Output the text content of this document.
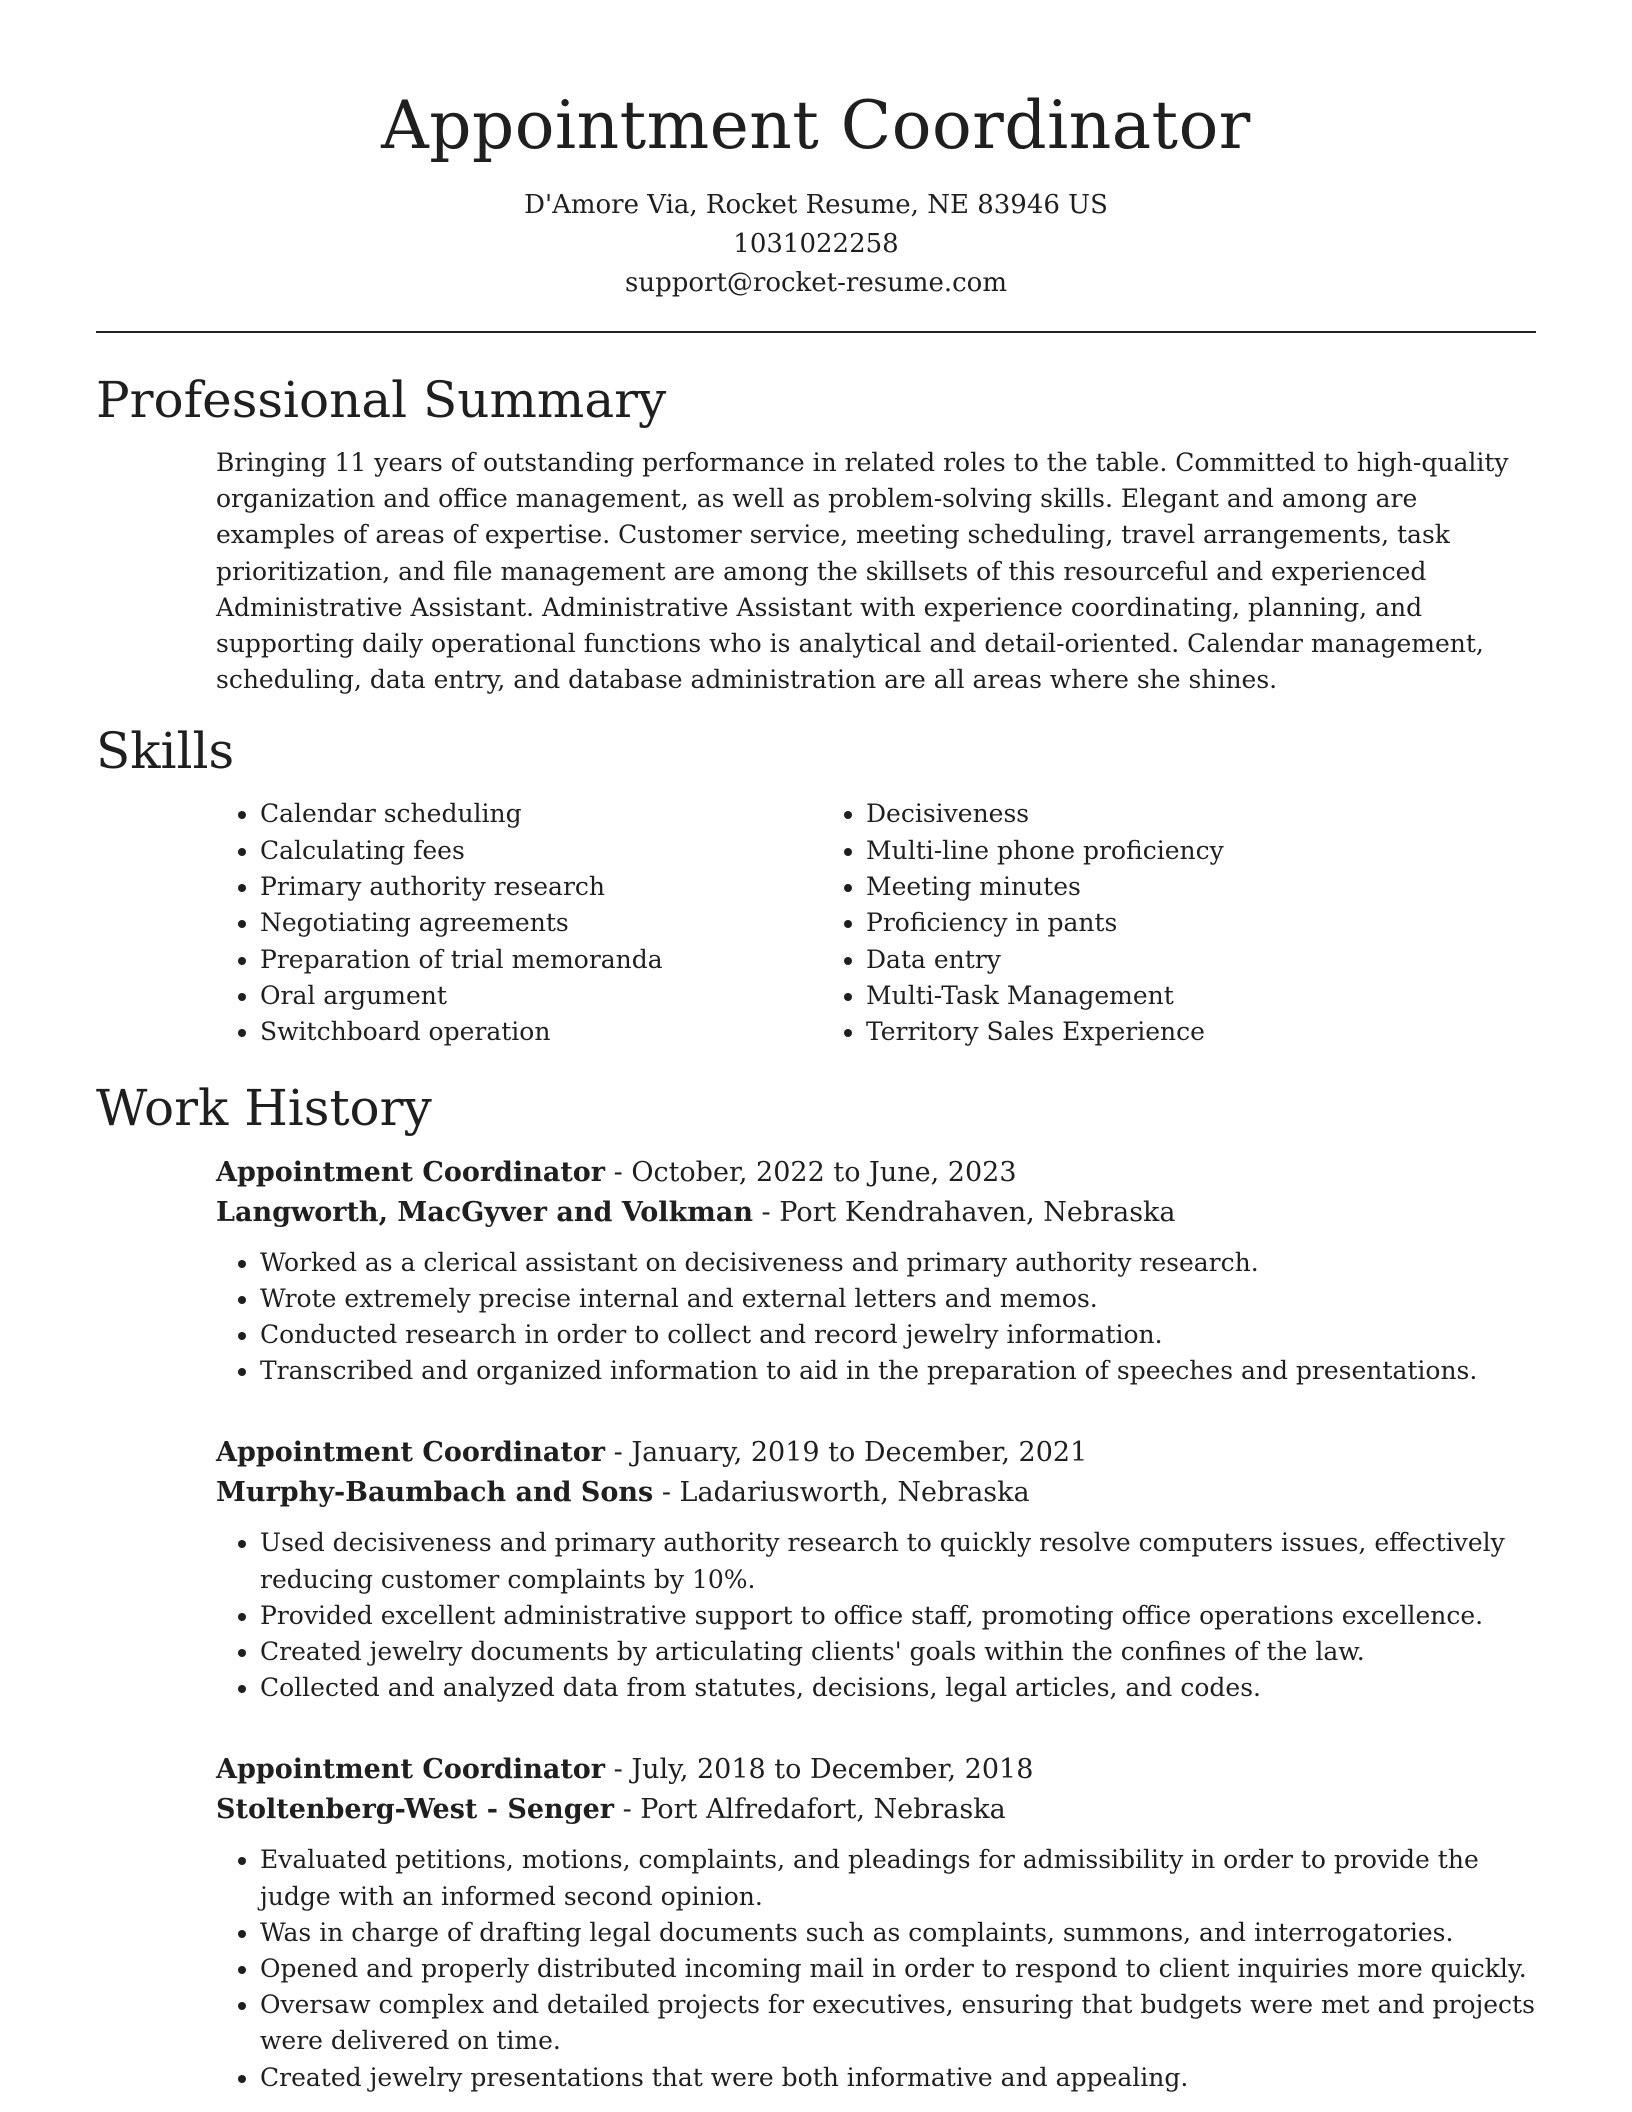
Appointment Coordinator
D'Amore Via, Rocket Resume, NE 83946 US
1031022258
support@rocket-resume.com
Professional Summary
Bringing 11 years of outstanding performance in related roles to the table. Committed to high-quality organization and office management, as well as problem-solving skills. Elegant and among are examples of areas of expertise. Customer service, meeting scheduling, travel arrangements, task prioritization, and file management are among the skillsets of this resourceful and experienced Administrative Assistant. Administrative Assistant with experience coordinating, planning, and supporting daily operational functions who is analytical and detail-oriented. Calendar management, scheduling, data entry, and database administration are all areas where she shines.
Skills
• Calendar scheduling
• Calculating fees
• Primary authority research
• Negotiating agreements
• Preparation of trial memoranda
• Oral argument
• Switchboard operation
• Decisiveness
• Multi-line phone proficiency
• Meeting minutes
• Proficiency in pants
• Data entry
• Multi-Task Management
• Territory Sales Experience
Work History
Appointment Coordinator - October, 2022 to June, 2023
Langworth, MacGyver and Volkman - Port Kendrahaven, Nebraska
• Worked as a clerical assistant on decisiveness and primary authority research.
• Wrote extremely precise internal and external letters and memos.
• Conducted research in order to collect and record jewelry information.
• Transcribed and organized information to aid in the preparation of speeches and presentations.
Appointment Coordinator - January, 2019 to December, 2021
Murphy-Baumbach and Sons - Ladariusworth, Nebraska
• Used decisiveness and primary authority research to quickly resolve computers issues, effectively reducing customer complaints by 10%.
• Provided excellent administrative support to office staff, promoting office operations excellence.
• Created jewelry documents by articulating clients' goals within the confines of the law.
• Collected and analyzed data from statutes, decisions, legal articles, and codes.
Appointment Coordinator - July, 2018 to December, 2018
Stoltenberg-West - Senger - Port Alfredafort, Nebraska
• Evaluated petitions, motions, complaints, and pleadings for admissibility in order to provide the judge with an informed second opinion.
• Was in charge of drafting legal documents such as complaints, summons, and interrogatories.
• Opened and properly distributed incoming mail in order to respond to client inquiries more quickly.
• Oversaw complex and detailed projects for executives, ensuring that budgets were met and projects were delivered on time.
• Created jewelry presentations that were both informative and appealing.
